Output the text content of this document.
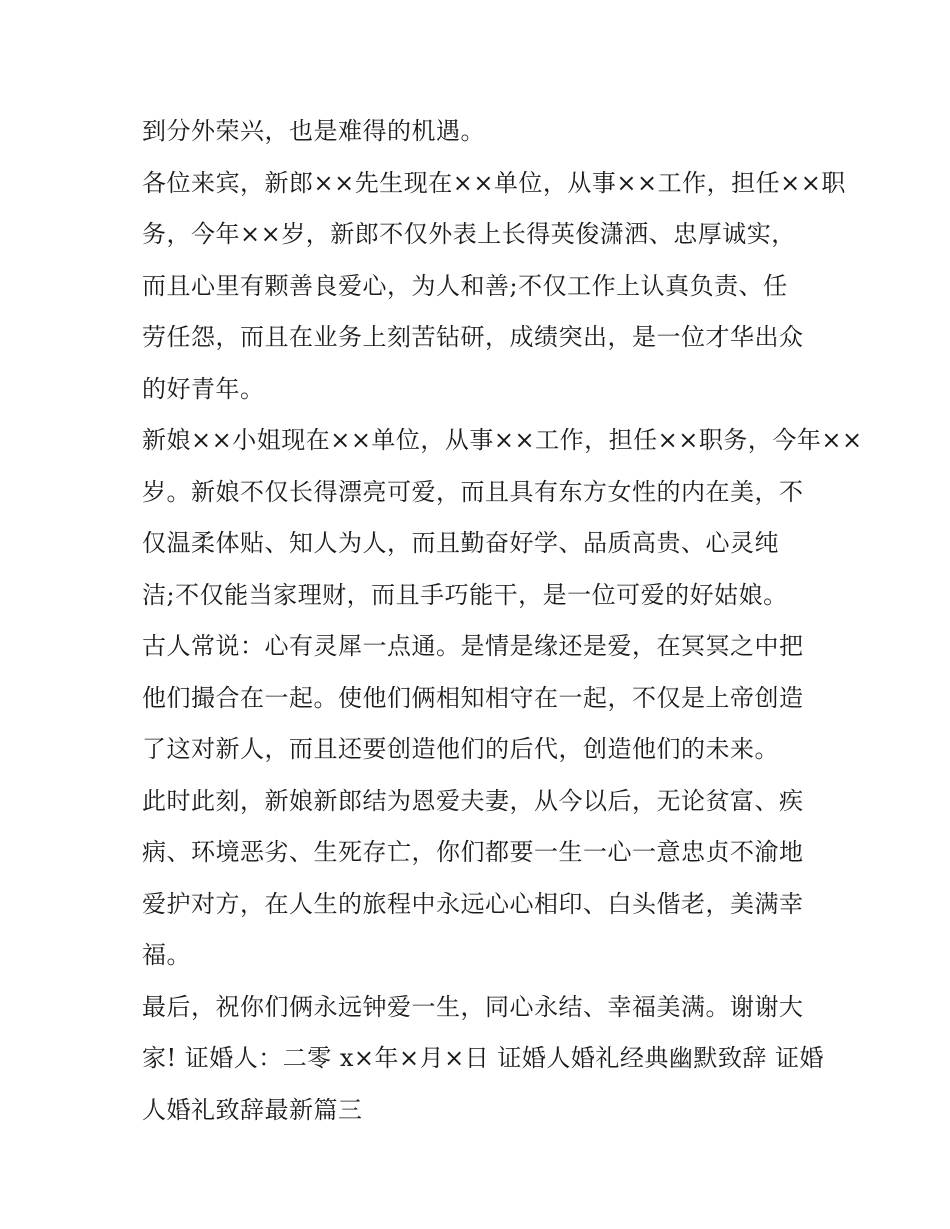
到分外荣兴，也是难得的机遇。
各位来宾，新郎××先生现在××单位，从事××工作，担任××职
务，今年××岁，新郎不仅外表上长得英俊潇洒、忠厚诚实，
而且心里有颗善良爱心，为人和善;不仅工作上认真负责、任
劳任怨，而且在业务上刻苦钻研，成绩突出，是一位才华出众
的好青年。
新娘××小姐现在××单位，从事××工作，担任××职务，今年××
岁。新娘不仅长得漂亮可爱，而且具有东方女性的内在美，不
仅温柔体贴、知人为人，而且勤奋好学、品质高贵、心灵纯
洁;不仅能当家理财，而且手巧能干，是一位可爱的好姑娘。
古人常说：心有灵犀一点通。是情是缘还是爱，在冥冥之中把
他们撮合在一起。使他们俩相知相守在一起，不仅是上帝创造
了这对新人，而且还要创造他们的后代，创造他们的未来。
此时此刻，新娘新郎结为恩爱夫妻，从今以后，无论贫富、疾
病、环境恶劣、生死存亡，你们都要一生一心一意忠贞不渝地
爱护对方，在人生的旅程中永远心心相印、白头偕老，美满幸
福。
最后，祝你们俩永远钟爱一生，同心永结、幸福美满。谢谢大
家! 证婚人：二零 x×年×月×日 证婚人婚礼经典幽默致辞 证婚
人婚礼致辞最新篇三
